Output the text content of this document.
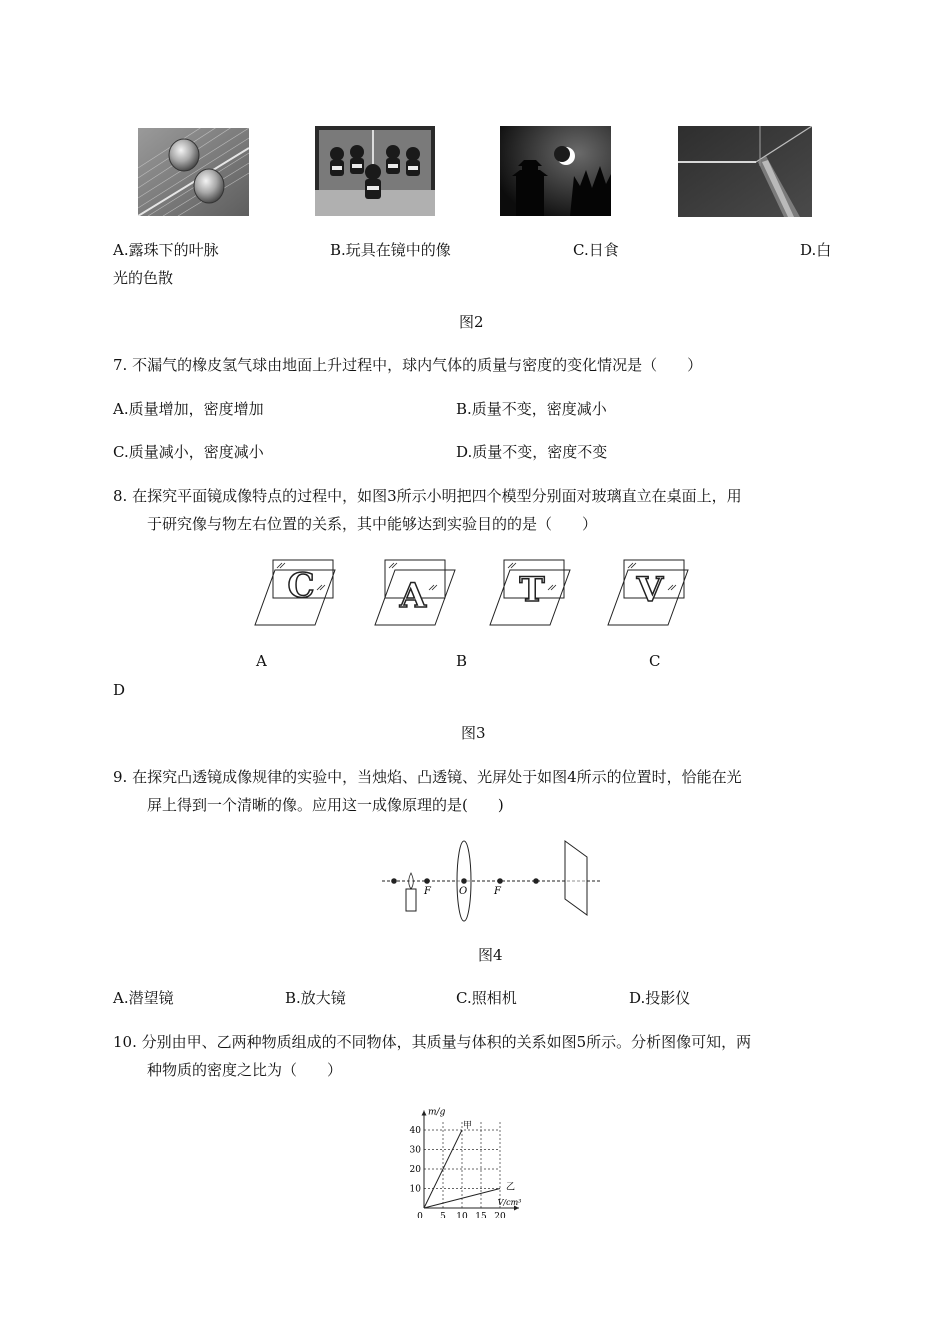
A.露珠下的叶脉	B.玩具在镜中的像	C.日食	D.白
光的色散
图2
7. 不漏气的橡皮氢气球由地面上升过程中，球内气体的质量与密度的变化情况是（　　）
A.质量增加，密度增加	B.质量不变，密度减小
C.质量减小，密度减小	D.质量不变，密度不变
8. 在探究平面镜成像特点的过程中，如图3所示小明把四个模型分别面对玻璃直立在桌面上，用
于研究像与物左右位置的关系，其中能够达到实验目的的是（　　）
C	A	T	V
A	B	C
D
图3
9. 在探究凸透镜成像规律的实验中，当烛焰、凸透镜、光屏处于如图4所示的位置时，恰能在光
屏上得到一个清晰的像。应用这一成像原理的是(　　)
F	O	F
图4
A.潜望镜	B.放大镜	C.照相机	D.投影仪
10. 分别由甲、乙两种物质组成的不同物体，其质量与体积的关系如图5所示。分析图像可知，两
种物质的密度之比为（　　）
0 5 10 15 20
10
20
30
40
m/g
V/cm³
甲
乙
